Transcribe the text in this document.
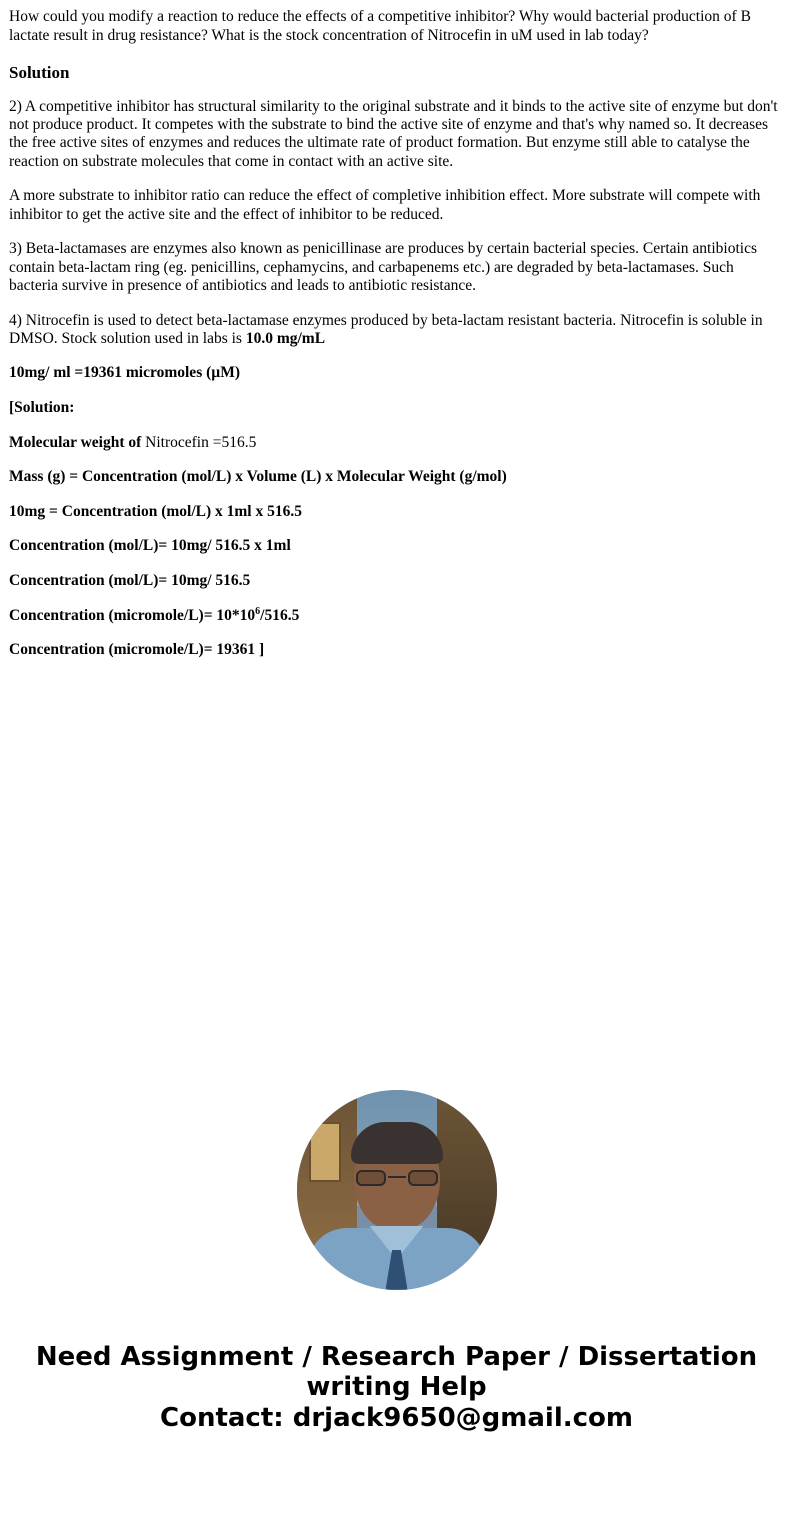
How could you modify a reaction to reduce the effects of a competitive inhibitor? Why would bacterial production of B lactate result in drug resistance? What is the stock concentration of Nitrocefin in uM used in lab today?

Solution

2) A competitive inhibitor has structural similarity to the original substrate and it binds to the active site of enzyme but don't not produce product. It competes with the substrate to bind the active site of enzyme and that's why named so. It decreases the free active sites of enzymes and reduces the ultimate rate of product formation. But enzyme still able to catalyse the reaction on substrate molecules that come in contact with an active site.

A more substrate to inhibitor ratio can reduce the effect of completive inhibition effect. More substrate will compete with inhibitor to get the active site and the effect of inhibitor to be reduced.

3) Beta-lactamases are enzymes also known as penicillinase are produces by certain bacterial species. Certain antibiotics contain beta-lactam ring (eg. penicillins, cephamycins, and carbapenems etc.) are degraded by beta-lactamases. Such bacteria survive in presence of antibiotics and leads to antibiotic resistance.

4) Nitrocefin is used to detect beta-lactamase enzymes produced by beta-lactam resistant bacteria. Nitrocefin is soluble in DMSO. Stock solution used in labs is 10.0 mg/mL

10mg/ ml =19361 micromoles (µM)

[Solution:

Molecular weight of Nitrocefin =516.5

Mass (g) = Concentration (mol/L) x Volume (L) x Molecular Weight (g/mol)

10mg = Concentration (mol/L) x 1ml x 516.5

Concentration (mol/L)= 10mg/ 516.5 x 1ml

Concentration (mol/L)= 10mg/ 516.5

Concentration (micromole/L)= $10*10^6/516.5$

Concentration (micromole/L)= 19361 ]

Need Assignment / Research Paper / Dissertation writing Help
Contact: drjack9650@gmail.com
